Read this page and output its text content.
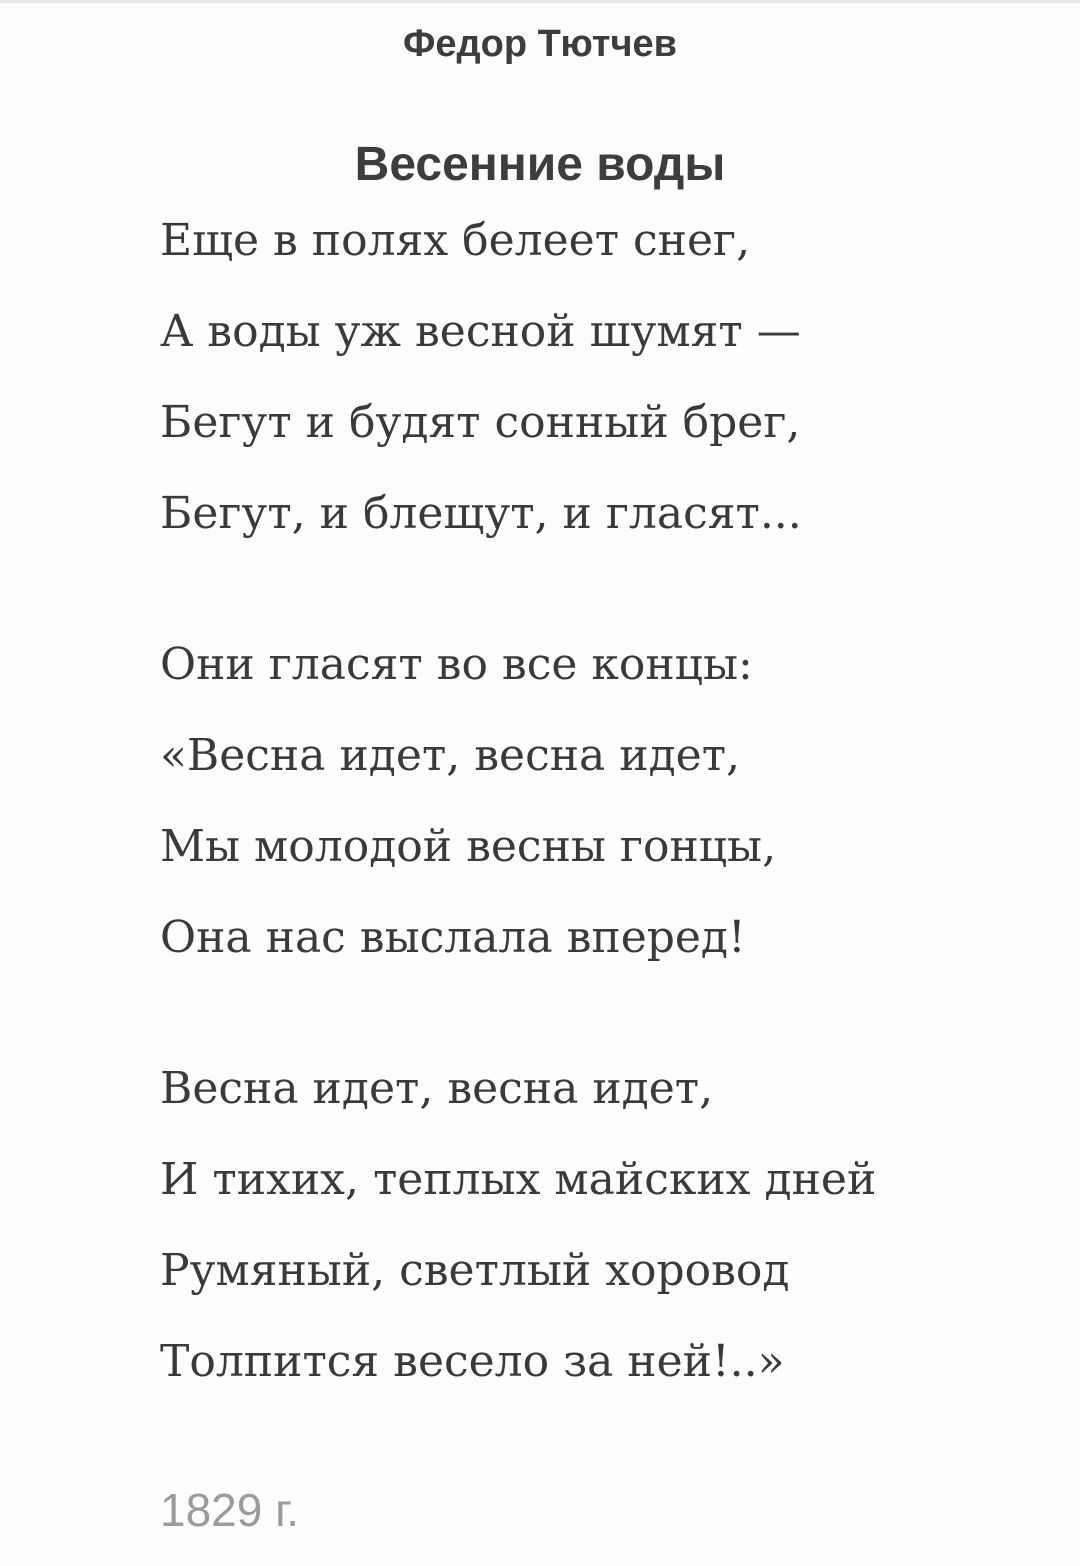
Федор Тютчев
Весенние воды

Еще в полях белеет снег,

А воды уж весной шумят —

Бегут и будят сонный брег,

Бегут, и блещут, и гласят...

Они гласят во все концы:

«Весна идет, весна идет,

Мы молодой весны гонцы,

Она нас выслала вперед!

Весна идет, весна идет,

И тихих, теплых майских дней

Румяный, светлый хоровод

Толпится весело за ней!..»

1829 г.
